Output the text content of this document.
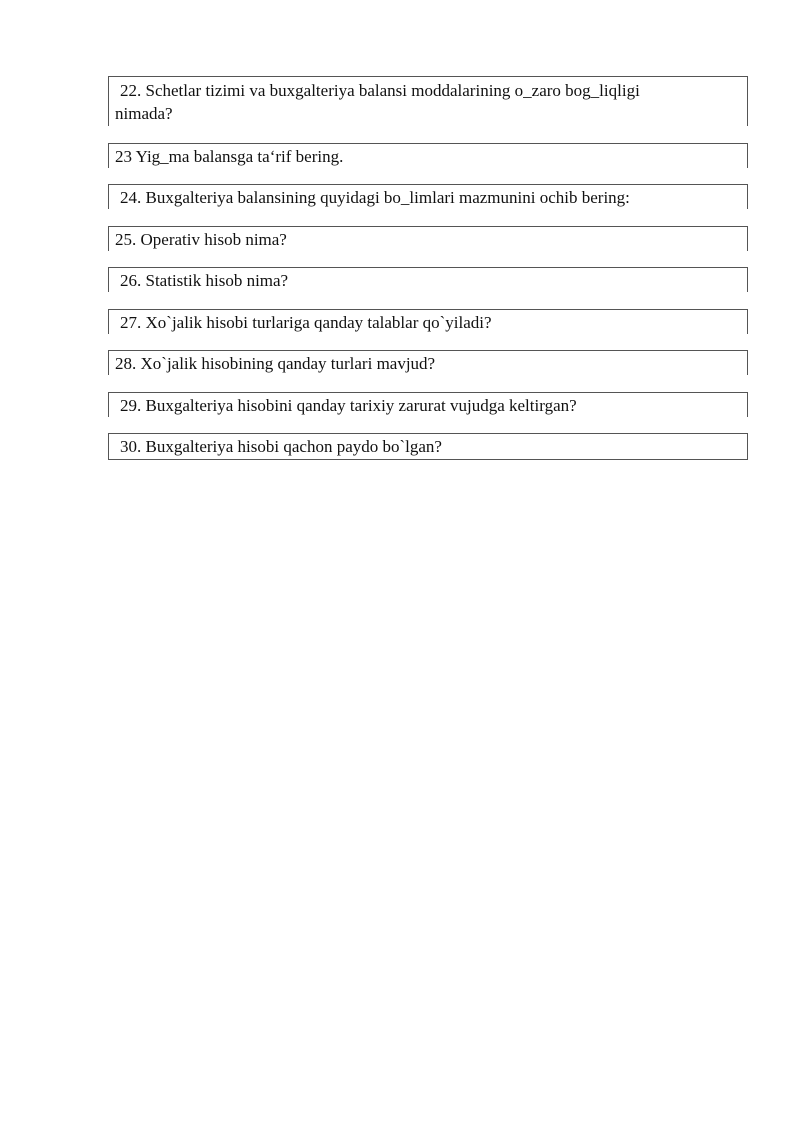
22. Schetlar tizimi va buxgalteriya balansi moddalarining o_zaro bog_liqligi
nimada?
23 Yig_ma balansga ta‘rif bering.
24. Buxgalteriya balansining quyidagi bo_limlari mazmunini ochib bering:
25. Operativ hisob nima?
26. Statistik hisob nima?
27. Xo`jalik hisobi turlariga qanday talablar qo`yiladi?
28. Xo`jalik hisobining qanday turlari mavjud?
29. Buxgalteriya hisobini qanday tarixiy zarurat vujudga keltirgan?
30. Buxgalteriya hisobi qachon paydo bo`lgan?
